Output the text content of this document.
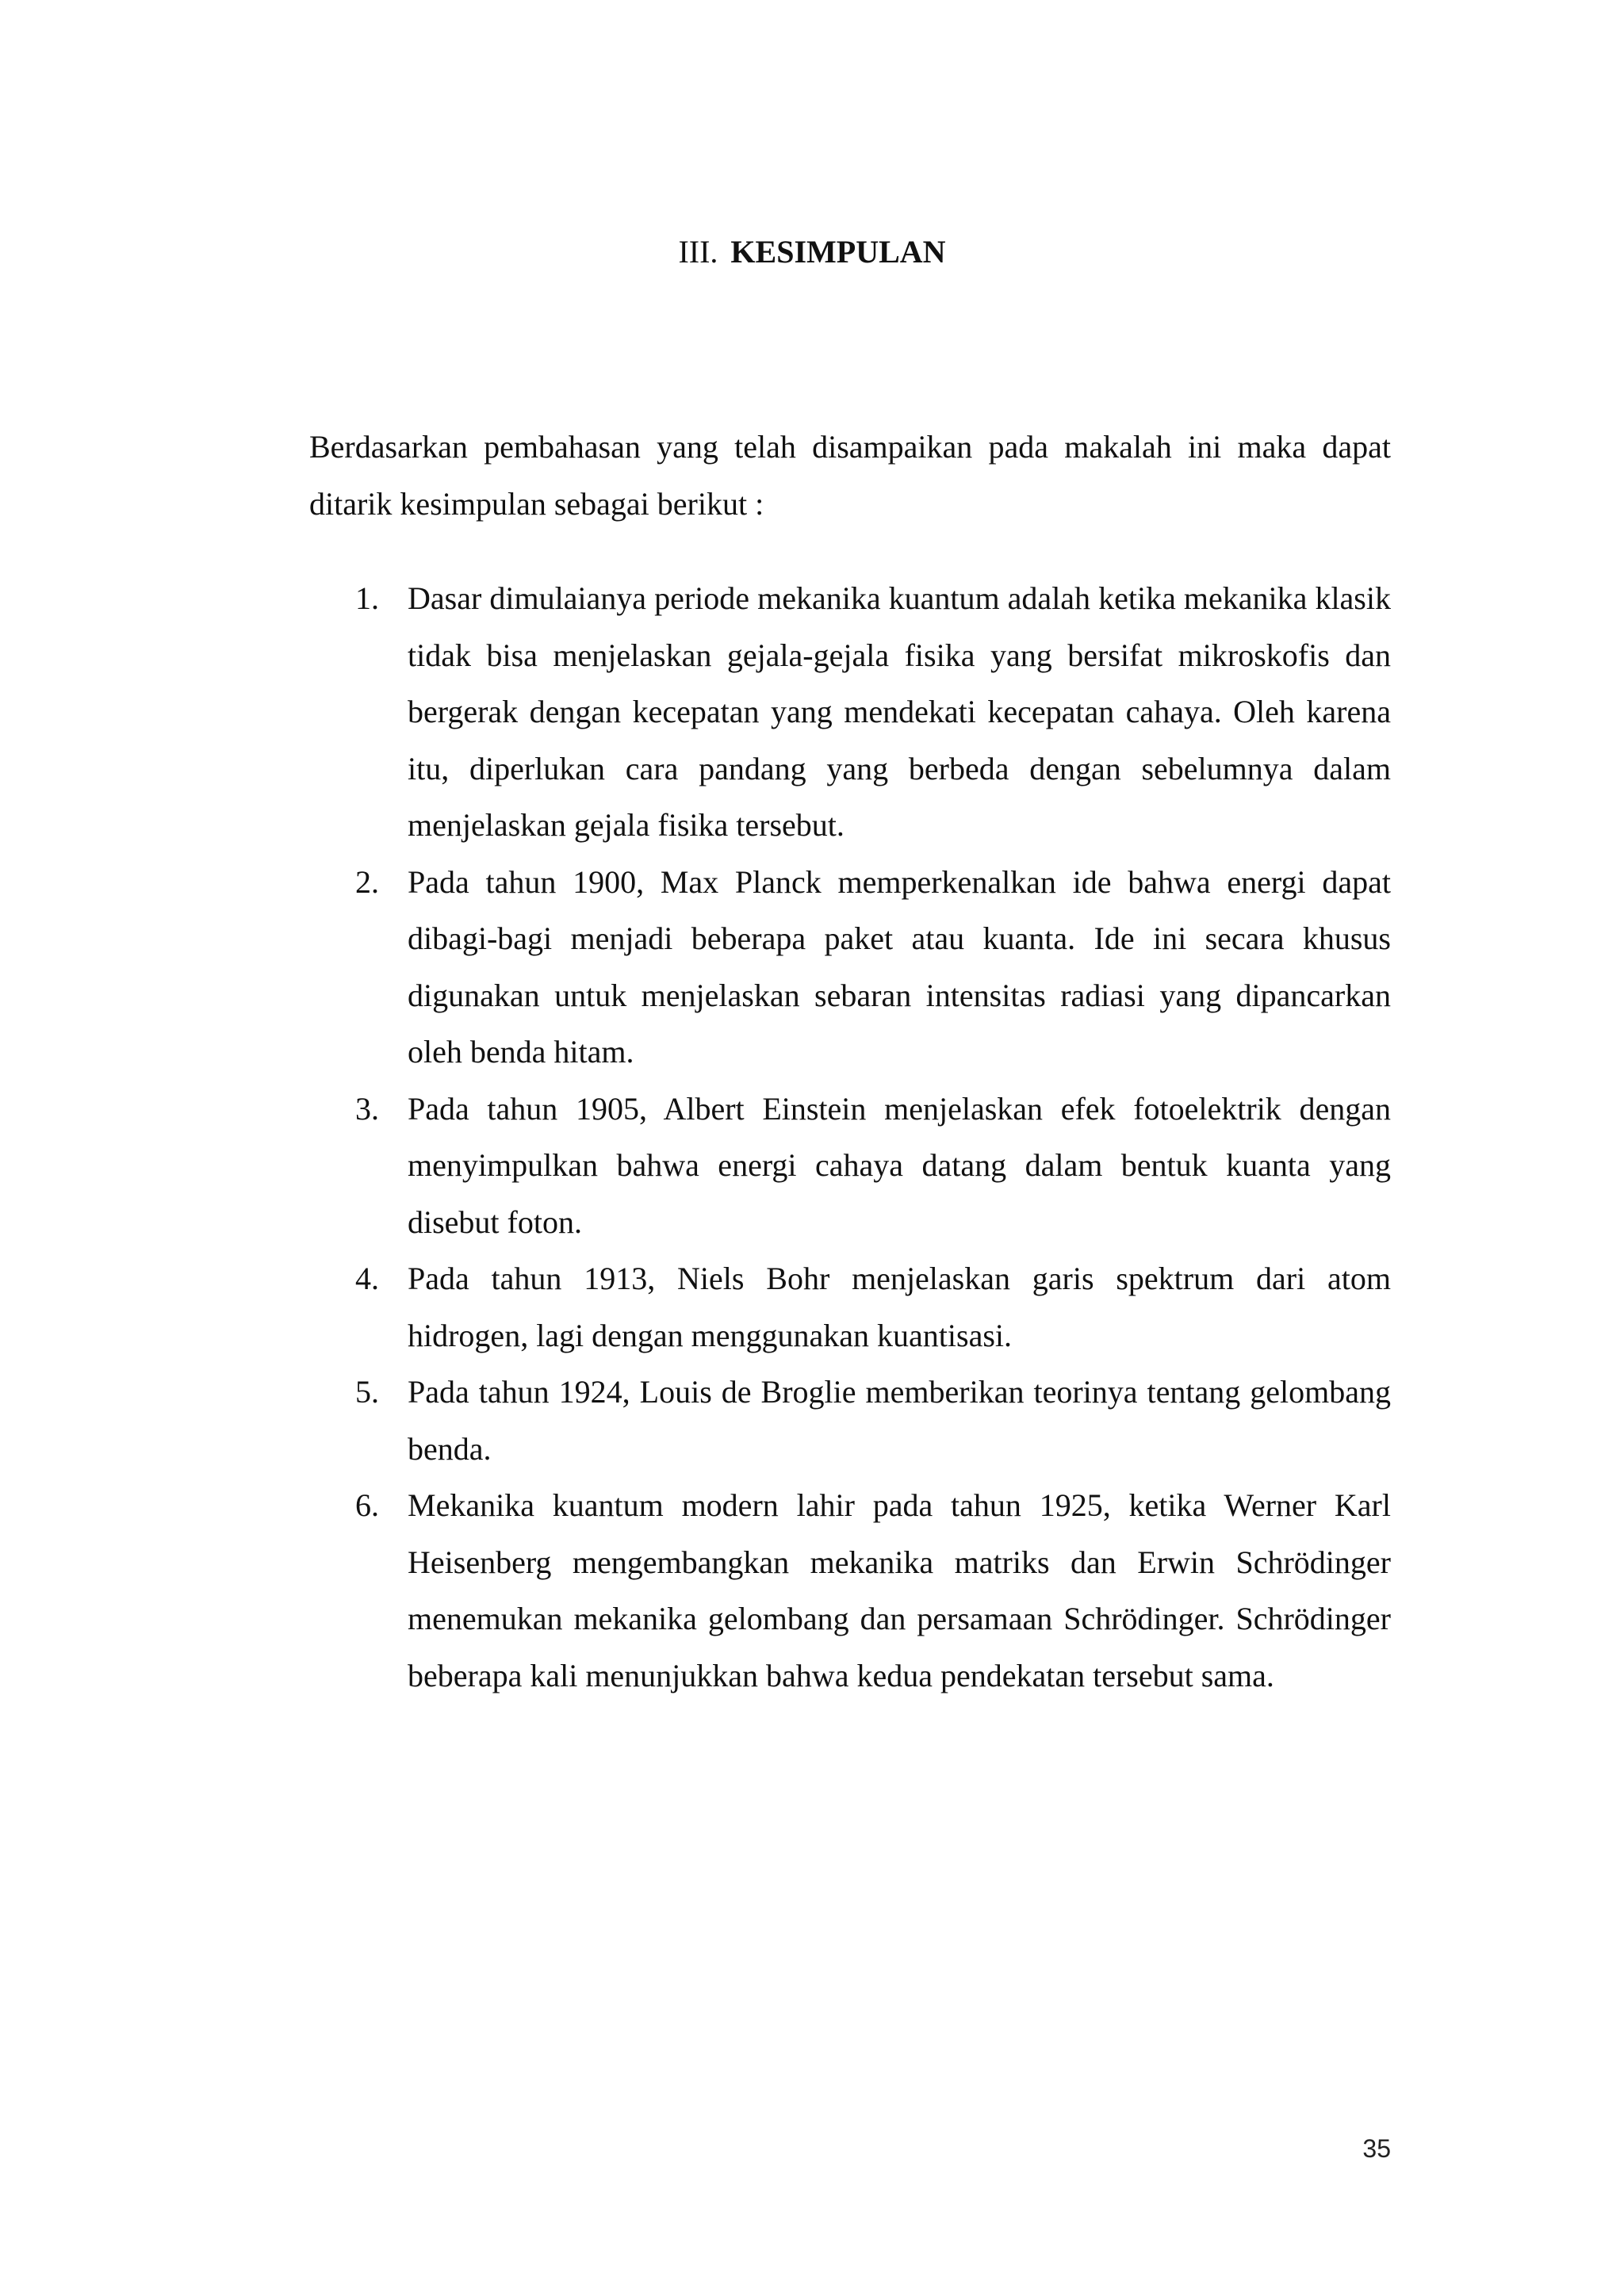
III. KESIMPULAN

Berdasarkan pembahasan yang telah disampaikan pada makalah ini maka dapat ditarik kesimpulan sebagai berikut :

1. Dasar dimulaianya periode mekanika kuantum adalah ketika mekanika klasik tidak bisa menjelaskan gejala-gejala fisika yang bersifat mikroskofis dan bergerak dengan kecepatan yang mendekati kecepatan cahaya. Oleh karena itu, diperlukan cara pandang yang berbeda dengan sebelumnya dalam menjelaskan gejala fisika tersebut.
2. Pada tahun 1900, Max Planck memperkenalkan ide bahwa energi dapat dibagi-bagi menjadi beberapa paket atau kuanta. Ide ini secara khusus digunakan untuk menjelaskan sebaran intensitas radiasi yang dipancarkan oleh benda hitam.
3. Pada tahun 1905, Albert Einstein menjelaskan efek fotoelektrik dengan menyimpulkan bahwa energi cahaya datang dalam bentuk kuanta yang disebut foton.
4. Pada tahun 1913, Niels Bohr menjelaskan garis spektrum dari atom hidrogen, lagi dengan menggunakan kuantisasi.
5. Pada tahun 1924, Louis de Broglie memberikan teorinya tentang gelombang benda.
6. Mekanika kuantum modern lahir pada tahun 1925, ketika Werner Karl Heisenberg mengembangkan mekanika matriks dan Erwin Schrödinger menemukan mekanika gelombang dan persamaan Schrödinger. Schrödinger beberapa kali menunjukkan bahwa kedua pendekatan tersebut sama.
35
